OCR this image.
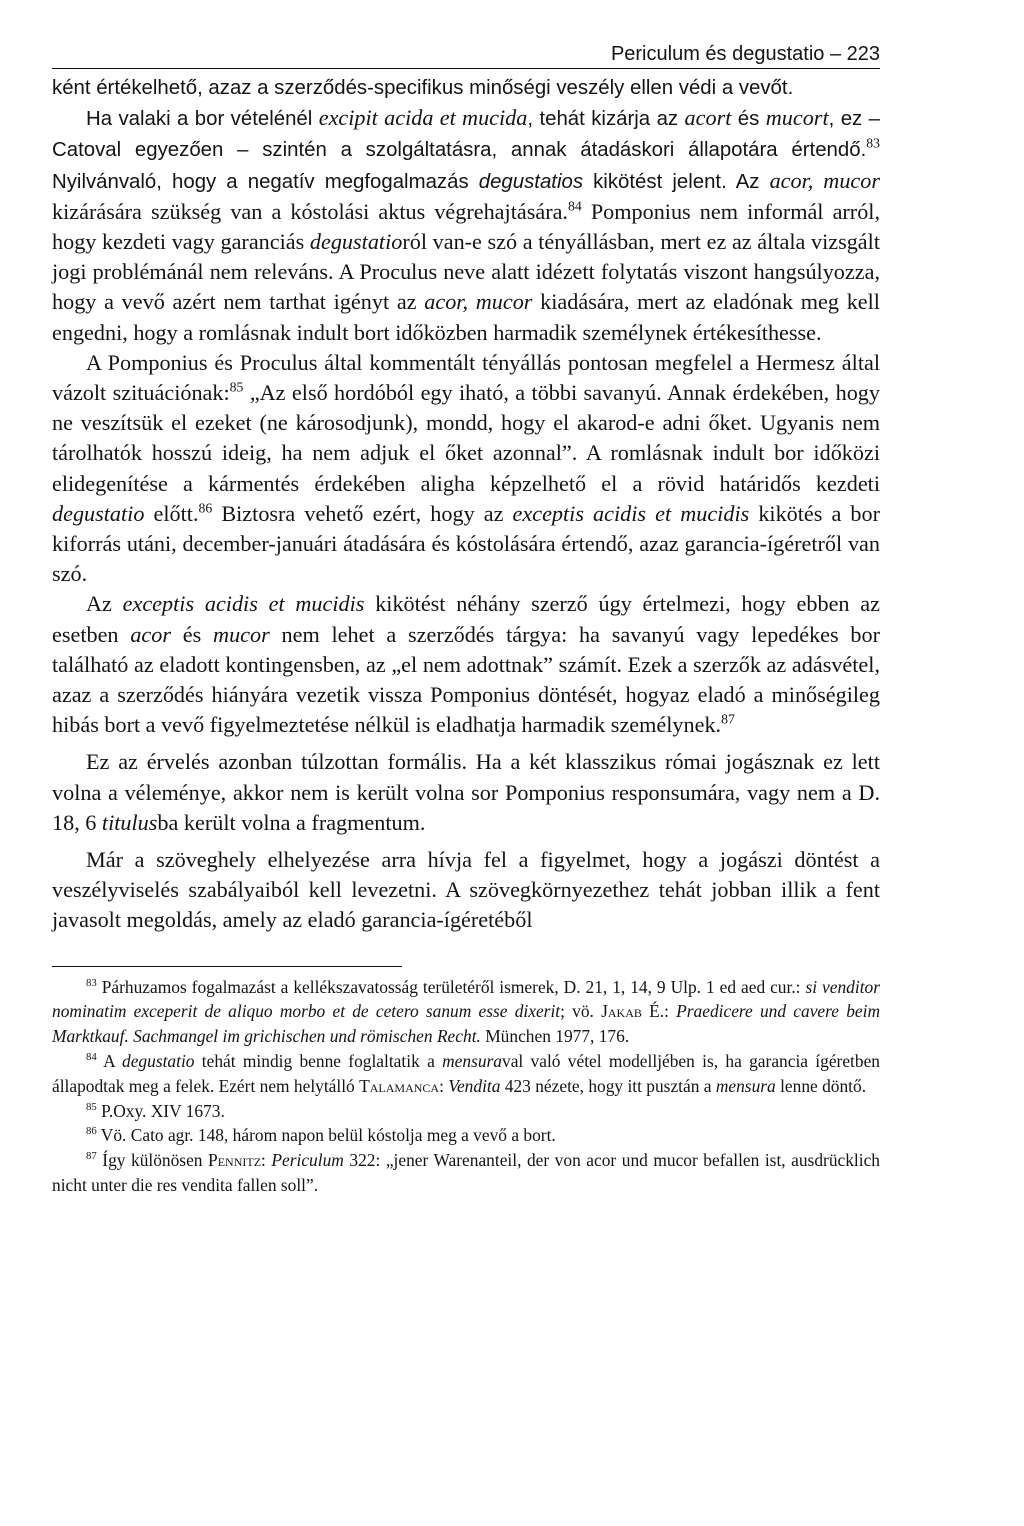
Periculum és degustatio – 223

ként értékelhető, azaz a szerződés-specifikus minőségi veszély ellen védi a vevőt.

Ha valaki a bor vételénél excipit acida et mucida, tehát kizárja az acort és mucort, ez – Catoval egyezően – szintén a szolgáltatásra, annak átadáskori állapotára értendő.$^{83}$ Nyilvánvaló, hogy a negatív megfogalmazás degustatios kikötést jelent. Az acor, mucor kizárására szükség van a kóstolási aktus végrehajtására.$^{84}$ Pomponius nem informál arról, hogy kezdeti vagy garanciás degustatioról van-e szó a tényállásban, mert ez az általa vizsgált jogi problémánál nem releváns. A Proculus neve alatt idézett folytatás viszont hangsúlyozza, hogy a vevő azért nem tarthat igényt az acor, mucor kiadására, mert az eladónak meg kell engedni, hogy a romlásnak indult bort időközben harmadik személynek értékesíthesse.

A Pomponius és Proculus által kommentált tényállás pontosan megfelel a Hermesz által vázolt szituációnak:$^{85}$ „Az első hordóból egy iható, a többi savanyú. Annak érdekében, hogy ne veszítsük el ezeket (ne károsodjunk), mondd, hogy el akarod-e adni őket. Ugyanis nem tárolhatók hosszú ideig, ha nem adjuk el őket azonnal”. A romlásnak indult bor időközi elidegenítése a kármentés érdekében aligha képzelhető el a rövid határidős kezdeti degustatio előtt.$^{86}$ Biztosra vehető ezért, hogy az exceptis acidis et mucidis kikötés a bor kiforrás utáni, december-januári átadására és kóstolására értendő, azaz garancia-ígéretről van szó.

Az exceptis acidis et mucidis kikötést néhány szerző úgy értelmezi, hogy ebben az esetben acor és mucor nem lehet a szerződés tárgya: ha savanyú vagy lepedékes bor található az eladott kontingensben, az „el nem adottnak” számít. Ezek a szerzők az adásvétel, azaz a szerződés hiányára vezetik vissza Pomponius döntését, hogyaz eladó a minőségileg hibás bort a vevő figyelmeztetése nélkül is eladhatja harmadik személynek.$^{87}$

Ez az érvelés azonban túlzottan formális. Ha a két klasszikus római jogásznak ez lett volna a véleménye, akkor nem is került volna sor Pomponius responsumára, vagy nem a D. 18, 6 titulusba került volna a fragmentum.

Már a szöveghely elhelyezése arra hívja fel a figyelmet, hogy a jogászi döntést a veszélyviselés szabályaiból kell levezetni. A szövegkörnyezethez tehát jobban illik a fent javasolt megoldás, amely az eladó garancia-ígéretéből

$^{83}$ Párhuzamos fogalmazást a kellékszavatosság területéről ismerek, D. 21, 1, 14, 9 Ulp. 1 ed aed cur.: si venditor nominatim exceperit de aliquo morbo et de cetero sanum esse dixerit; vö. Jakab É.: Praedicere und cavere beim Marktkauf. Sachmangel im grichischen und römischen Recht. München 1977, 176.

$^{84}$ A degustatio tehát mindig benne foglaltatik a mensuraval való vétel modelljében is, ha garancia ígéretben állapodtak meg a felek. Ezért nem helytálló Talamanca: Vendita 423 nézete, hogy itt pusztán a mensura lenne döntő.

$^{85}$ P.Oxy. XIV 1673.

$^{86}$ Vö. Cato agr. 148, három napon belül kóstolja meg a vevő a bort.

$^{87}$ Így különösen Pennitz: Periculum 322: „jener Warenanteil, der von acor und mucor befallen ist, ausdrücklich nicht unter die res vendita fallen soll”.
